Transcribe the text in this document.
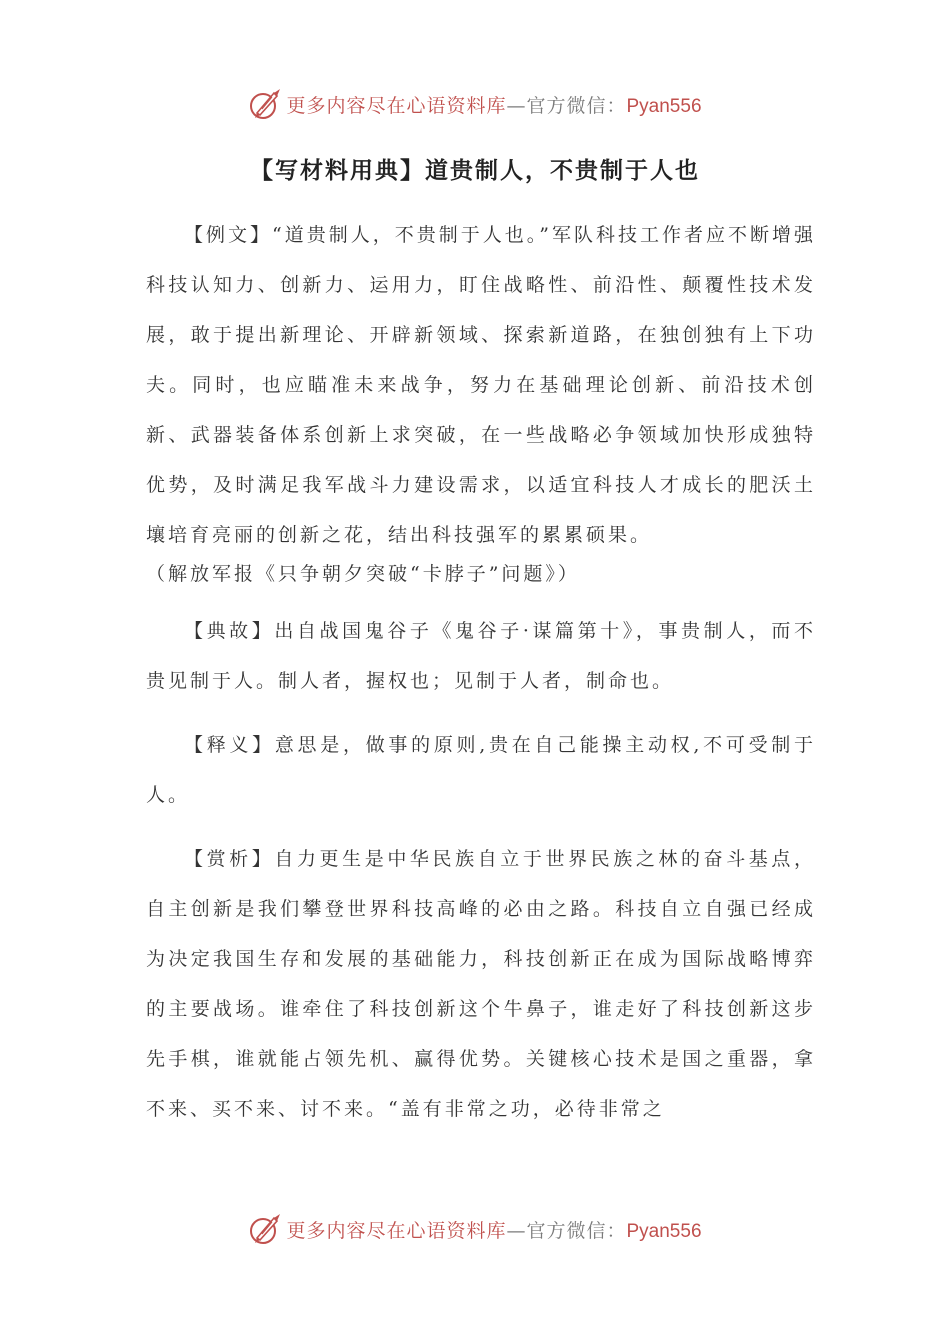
更多内容尽在心语资料库—官方微信：Pyan556
【写材料用典】道贵制人，不贵制于人也

【例文】“道贵制人，不贵制于人也。”军队科技工作者应不断增强科技认知力、创新力、运用力，盯住战略性、前沿性、颠覆性技术发展，敢于提出新理论、开辟新领域、探索新道路，在独创独有上下功夫。同时，也应瞄准未来战争，努力在基础理论创新、前沿技术创新、武器装备体系创新上求突破，在一些战略必争领域加快形成独特优势，及时满足我军战斗力建设需求，以适宜科技人才成长的肥沃土壤培育亮丽的创新之花，结出科技强军的累累硕果。
（解放军报《只争朝夕突破“卡脖子”问题》）

【典故】出自战国鬼谷子《鬼谷子·谋篇第十》，事贵制人，而不贵见制于人。制人者，握权也；见制于人者，制命也。

【释义】意思是，做事的原则,贵在自己能操主动权,不可受制于人。

【赏析】自力更生是中华民族自立于世界民族之林的奋斗基点，自主创新是我们攀登世界科技高峰的必由之路。科技自立自强已经成为决定我国生存和发展的基础能力，科技创新正在成为国际战略博弈的主要战场。谁牵住了科技创新这个牛鼻子，谁走好了科技创新这步先手棋，谁就能占领先机、赢得优势。关键核心技术是国之重器，拿不来、买不来、讨不来。“盖有非常之功，必待非常之

更多内容尽在心语资料库—官方微信：Pyan556
